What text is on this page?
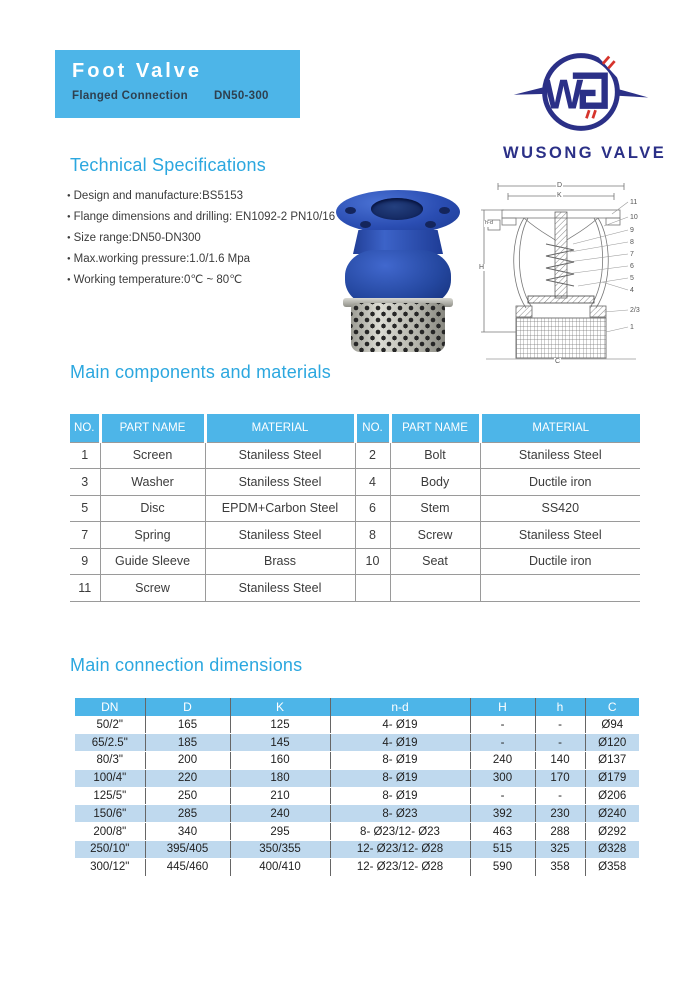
Foot Valve
Flanged Connection DN50-300	W
WUSONG VALVE
Technical Specifications
● Design and manufacture:BS5153
● Flange dimensions and drilling: EN1092-2 PN10/16
● Size range:DN50-DN300
● Max.working pressure:1.0/1.6 Mpa
● Working temperature:0℃ ~ 80℃
D
K
H
h-d
C
11
10
9
8
7
6
5
4
2/3
1
Main components and materials
NO.	PART NAME	MATERIAL	NO.	PART NAME	MATERIAL
1	Screen	Staniless Steel	2	Bolt	Staniless Steel
3	Washer	Staniless Steel	4	Body	Ductile iron
5	Disc	EPDM+Carbon Steel	6	Stem	SS420
7	Spring	Staniless Steel	8	Screw	Staniless Steel
9	Guide Sleeve	Brass	10	Seat	Ductile iron
11	Screw	Staniless Steel			
Main connection dimensions
DN	D	K	n-d	H	h	C
50/2"	165	125	4- Ø19	-	-	Ø94
65/2.5"	185	145	4- Ø19	-	-	Ø120
80/3"	200	160	8- Ø19	240	140	Ø137
100/4"	220	180	8- Ø19	300	170	Ø179
125/5"	250	210	8- Ø19	-	-	Ø206
150/6"	285	240	8- Ø23	392	230	Ø240
200/8"	340	295	8- Ø23/12- Ø23	463	288	Ø292
250/10"	395/405	350/355	12- Ø23/12- Ø28	515	325	Ø328
300/12"	445/460	400/410	12- Ø23/12- Ø28	590	358	Ø358
